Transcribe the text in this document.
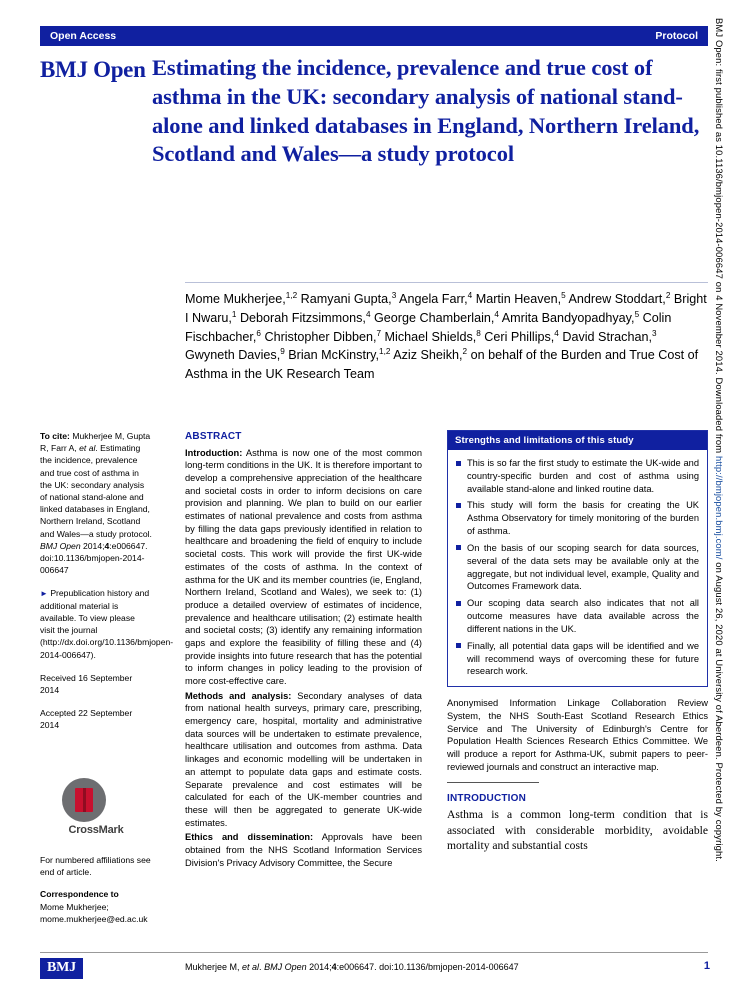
BMJ Open: first published as 10.1136/bmjopen-2014-006647 on 4 November 2014. Downloaded from http://bmjopen.bmj.com/ on August 26, 2020 at University of Aberdeen. Protected by copyright.
Open Access	Protocol
BMJ Open Estimating the incidence, prevalence and true cost of asthma in the UK: secondary analysis of national stand-alone and linked databases in England, Northern Ireland, Scotland and Wales—a study protocol
Mome Mukherjee,$^{1,2}$ Ramyani Gupta,$^3$ Angela Farr,$^4$ Martin Heaven,$^5$ Andrew Stoddart,$^2$ Bright I Nwaru,$^1$ Deborah Fitzsimmons,$^4$ George Chamberlain,$^4$ Amrita Bandyopadhyay,$^5$ Colin Fischbacher,$^6$ Christopher Dibben,$^7$ Michael Shields,$^8$ Ceri Phillips,$^4$ David Strachan,$^3$ Gwyneth Davies,$^9$ Brian McKinstry,$^{1,2}$ Aziz Sheikh,$^2$ on behalf of the Burden and True Cost of Asthma in the UK Research Team
To cite: Mukherjee M, Gupta R, Farr A, et al. Estimating the incidence, prevalence and true cost of asthma in the UK: secondary analysis of national stand-alone and linked databases in England, Northern Ireland, Scotland and Wales—a study protocol. BMJ Open 2014;4:e006647. doi:10.1136/bmjopen-2014-006647
► Prepublication history and additional material is available. To view please visit the journal (http://dx.doi.org/10.1136/bmjopen-2014-006647).
Received 16 September 2014
Accepted 22 September 2014
CrossMark
For numbered affiliations see end of article.
Correspondence to
Mome Mukherjee; mome.mukherjee@ed.ac.uk
ABSTRACT

Introduction: Asthma is now one of the most common long-term conditions in the UK. It is therefore important to develop a comprehensive appreciation of the healthcare and societal costs in order to inform decisions on care provision and planning. We plan to build on our earlier estimates of national prevalence and costs from asthma by filling the data gaps previously identified in relation to healthcare and broadening the field of enquiry to include societal costs. This work will provide the first UK-wide estimates of the costs of asthma. In the context of asthma for the UK and its member countries (ie, England, Northern Ireland, Scotland and Wales), we seek to: (1) produce a detailed overview of estimates of incidence, prevalence and healthcare utilisation; (2) estimate health and societal costs; (3) identify any remaining information gaps and explore the feasibility of filling these and (4) provide insights into future research that has the potential to inform changes in policy leading to the provision of more cost-effective care.

Methods and analysis: Secondary analyses of data from national health surveys, primary care, prescribing, emergency care, hospital, mortality and administrative data sources will be undertaken to estimate prevalence, healthcare utilisation and outcomes from asthma. Data linkages and economic modelling will be undertaken in an attempt to populate data gaps and estimate costs. Separate prevalence and cost estimates will be calculated for each of the UK-member countries and these will then be aggregated to generate UK-wide estimates.

Ethics and dissemination: Approvals have been obtained from the NHS Scotland Information Services Division's Privacy Advisory Committee, the Secure

Strengths and limitations of this study
This is so far the first study to estimate the UK-wide and country-specific burden and cost of asthma using available stand-alone and linked routine data.
This study will form the basis for creating the UK Asthma Observatory for timely monitoring of the burden of asthma.
On the basis of our scoping search for data sources, several of the data sets may be available only at the aggregate, but not individual level, example, Quality and Outcomes Framework data.
Our scoping data search also indicates that not all outcome measures have data available across the different nations in the UK.
Finally, all potential data gaps will be identified and we will recommend ways of overcoming these for future research work.
Anonymised Information Linkage Collaboration Review System, the NHS South-East Scotland Research Ethics Service and The University of Edinburgh's Centre for Population Health Sciences Research Ethics Committee. We will produce a report for Asthma-UK, submit papers to peer-reviewed journals and construct an interactive map.
INTRODUCTION
Asthma is a common long-term condition that is associated with considerable morbidity, avoidable mortality and substantial costs
BMJ	Mukherjee M, et al. BMJ Open 2014;4:e006647. doi:10.1136/bmjopen-2014-006647	1
